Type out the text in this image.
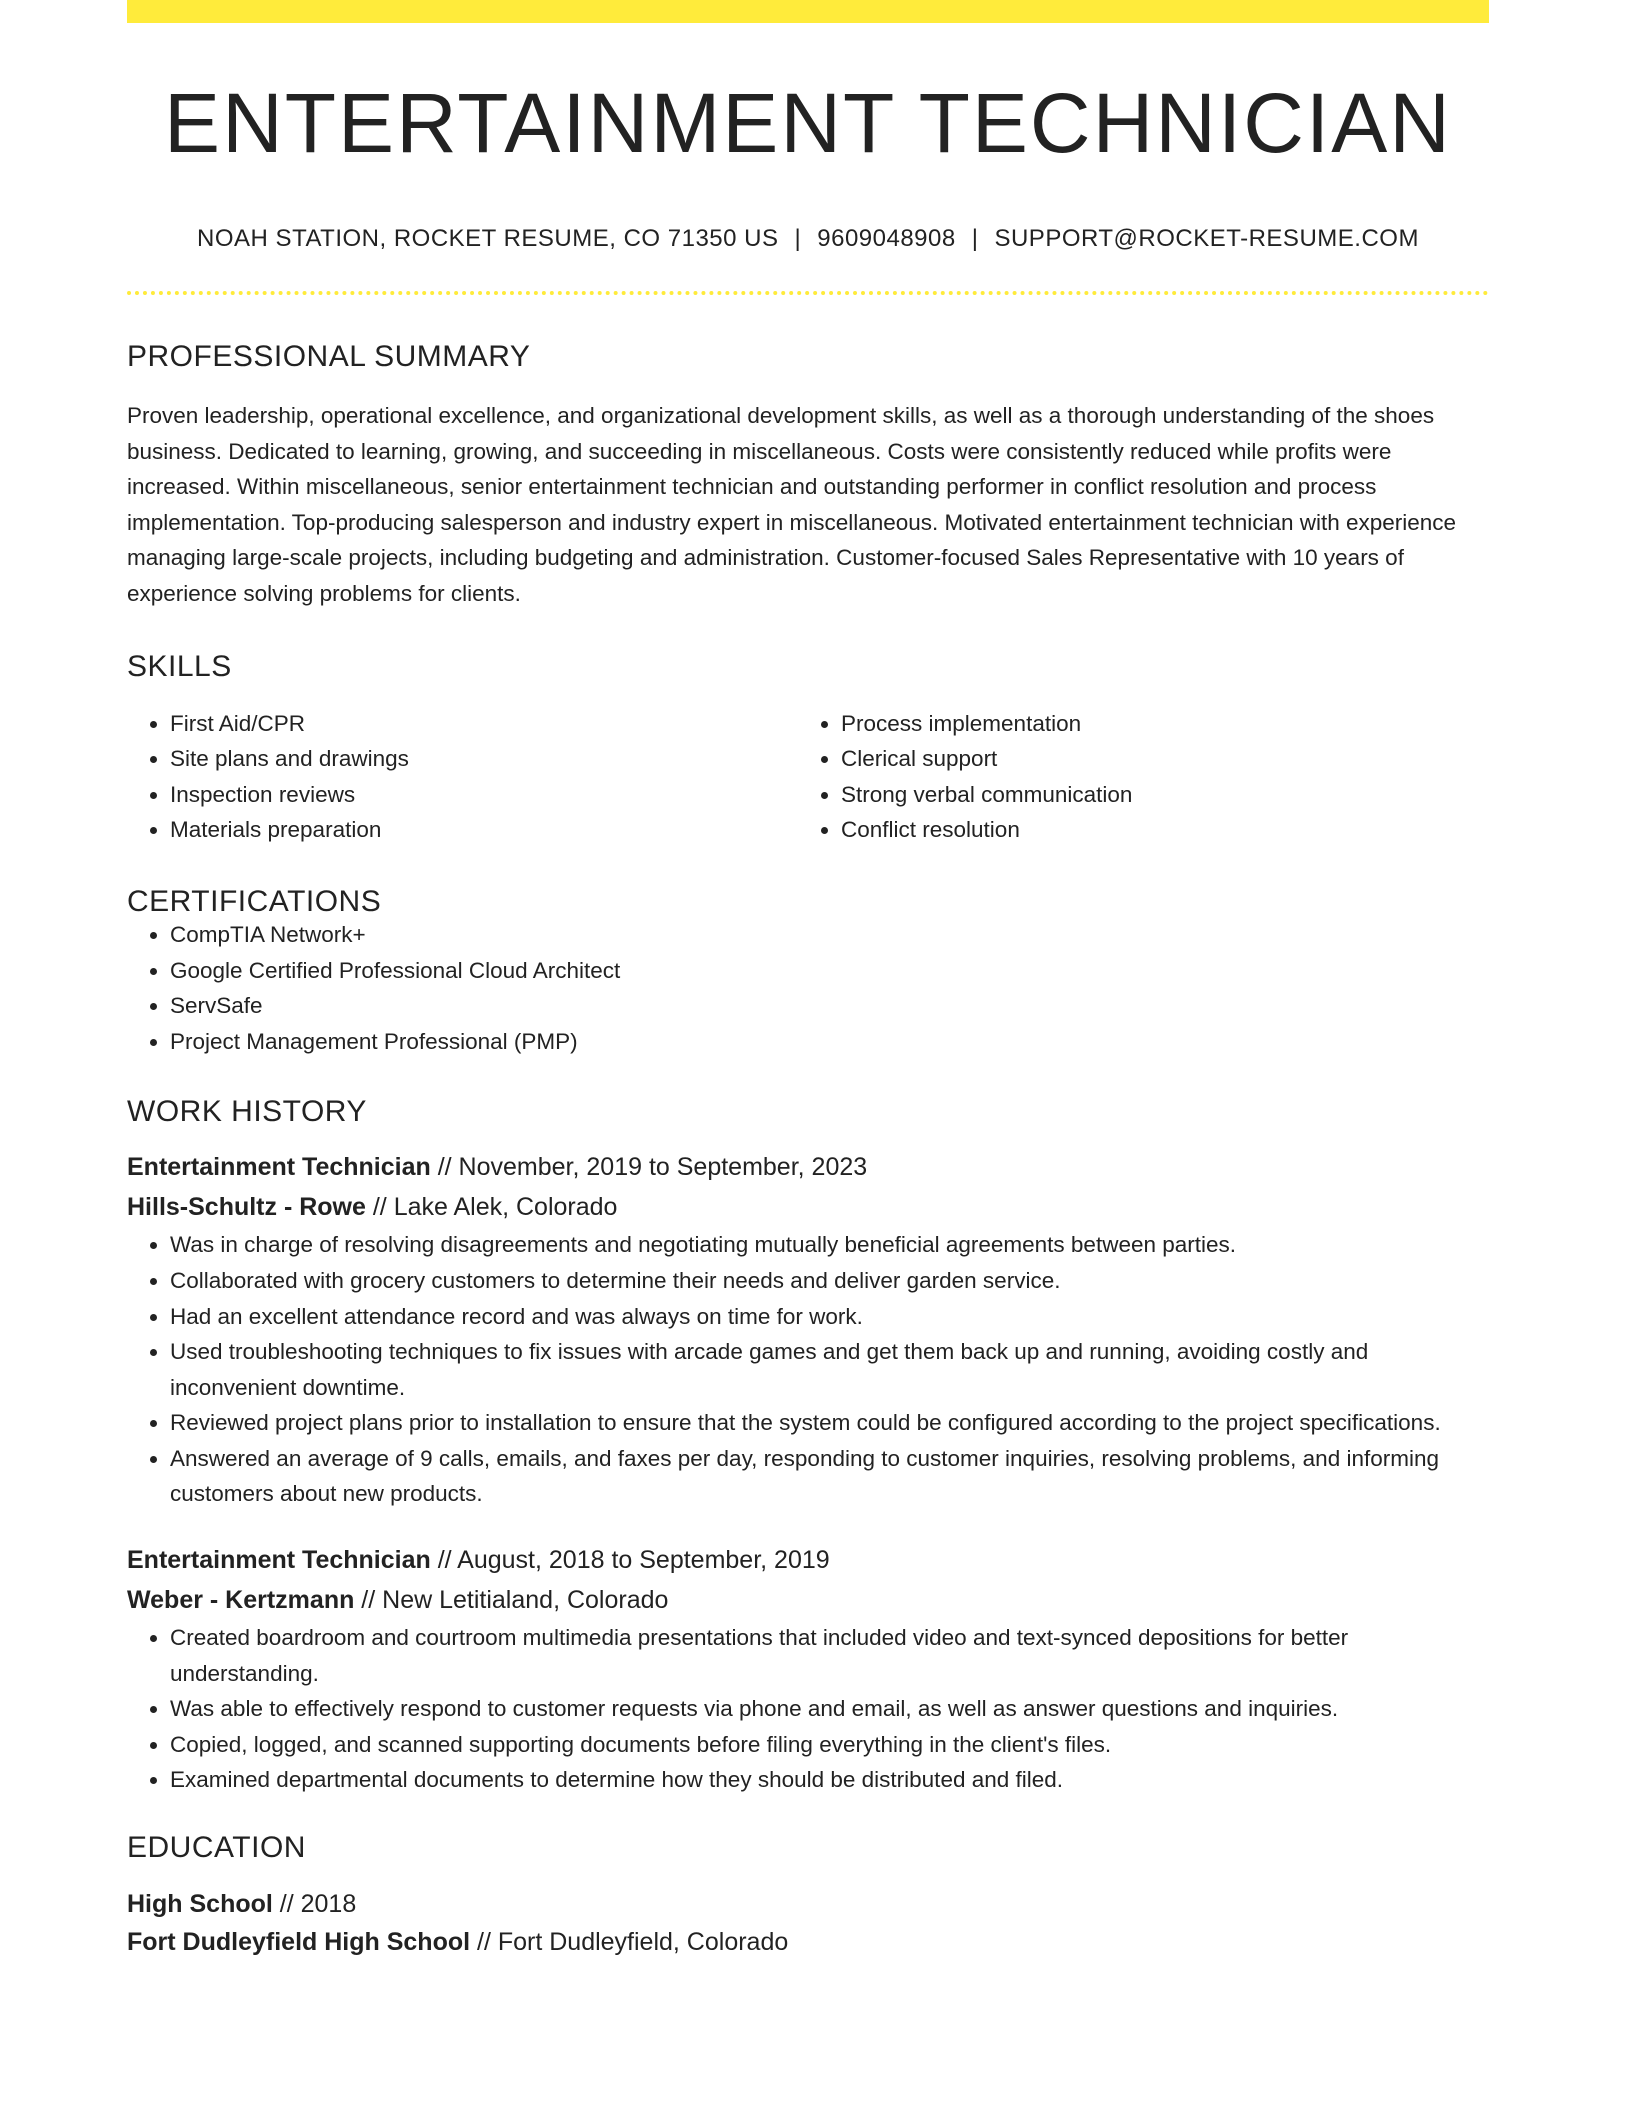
ENTERTAINMENT TECHNICIAN
NOAH STATION, ROCKET RESUME, CO 71350 US | 9609048908 | SUPPORT@ROCKET-RESUME.COM
PROFESSIONAL SUMMARY
Proven leadership, operational excellence, and organizational development skills, as well as a thorough understanding of the shoes business. Dedicated to learning, growing, and succeeding in miscellaneous. Costs were consistently reduced while profits were increased. Within miscellaneous, senior entertainment technician and outstanding performer in conflict resolution and process implementation. Top-producing salesperson and industry expert in miscellaneous. Motivated entertainment technician with experience managing large-scale projects, including budgeting and administration. Customer-focused Sales Representative with 10 years of experience solving problems for clients.
SKILLS
• First Aid/CPR
• Site plans and drawings
• Inspection reviews
• Materials preparation
• Process implementation
• Clerical support
• Strong verbal communication
• Conflict resolution
CERTIFICATIONS
• CompTIA Network+
• Google Certified Professional Cloud Architect
• ServSafe
• Project Management Professional (PMP)
WORK HISTORY
Entertainment Technician // November, 2019 to September, 2023
Hills-Schultz - Rowe // Lake Alek, Colorado
• Was in charge of resolving disagreements and negotiating mutually beneficial agreements between parties.
• Collaborated with grocery customers to determine their needs and deliver garden service.
• Had an excellent attendance record and was always on time for work.
• Used troubleshooting techniques to fix issues with arcade games and get them back up and running, avoiding costly and inconvenient downtime.
• Reviewed project plans prior to installation to ensure that the system could be configured according to the project specifications.
• Answered an average of 9 calls, emails, and faxes per day, responding to customer inquiries, resolving problems, and informing customers about new products.
Entertainment Technician // August, 2018 to September, 2019
Weber - Kertzmann // New Letitialand, Colorado
• Created boardroom and courtroom multimedia presentations that included video and text-synced depositions for better understanding.
• Was able to effectively respond to customer requests via phone and email, as well as answer questions and inquiries.
• Copied, logged, and scanned supporting documents before filing everything in the client's files.
• Examined departmental documents to determine how they should be distributed and filed.
EDUCATION
High School // 2018
Fort Dudleyfield High School // Fort Dudleyfield, Colorado
